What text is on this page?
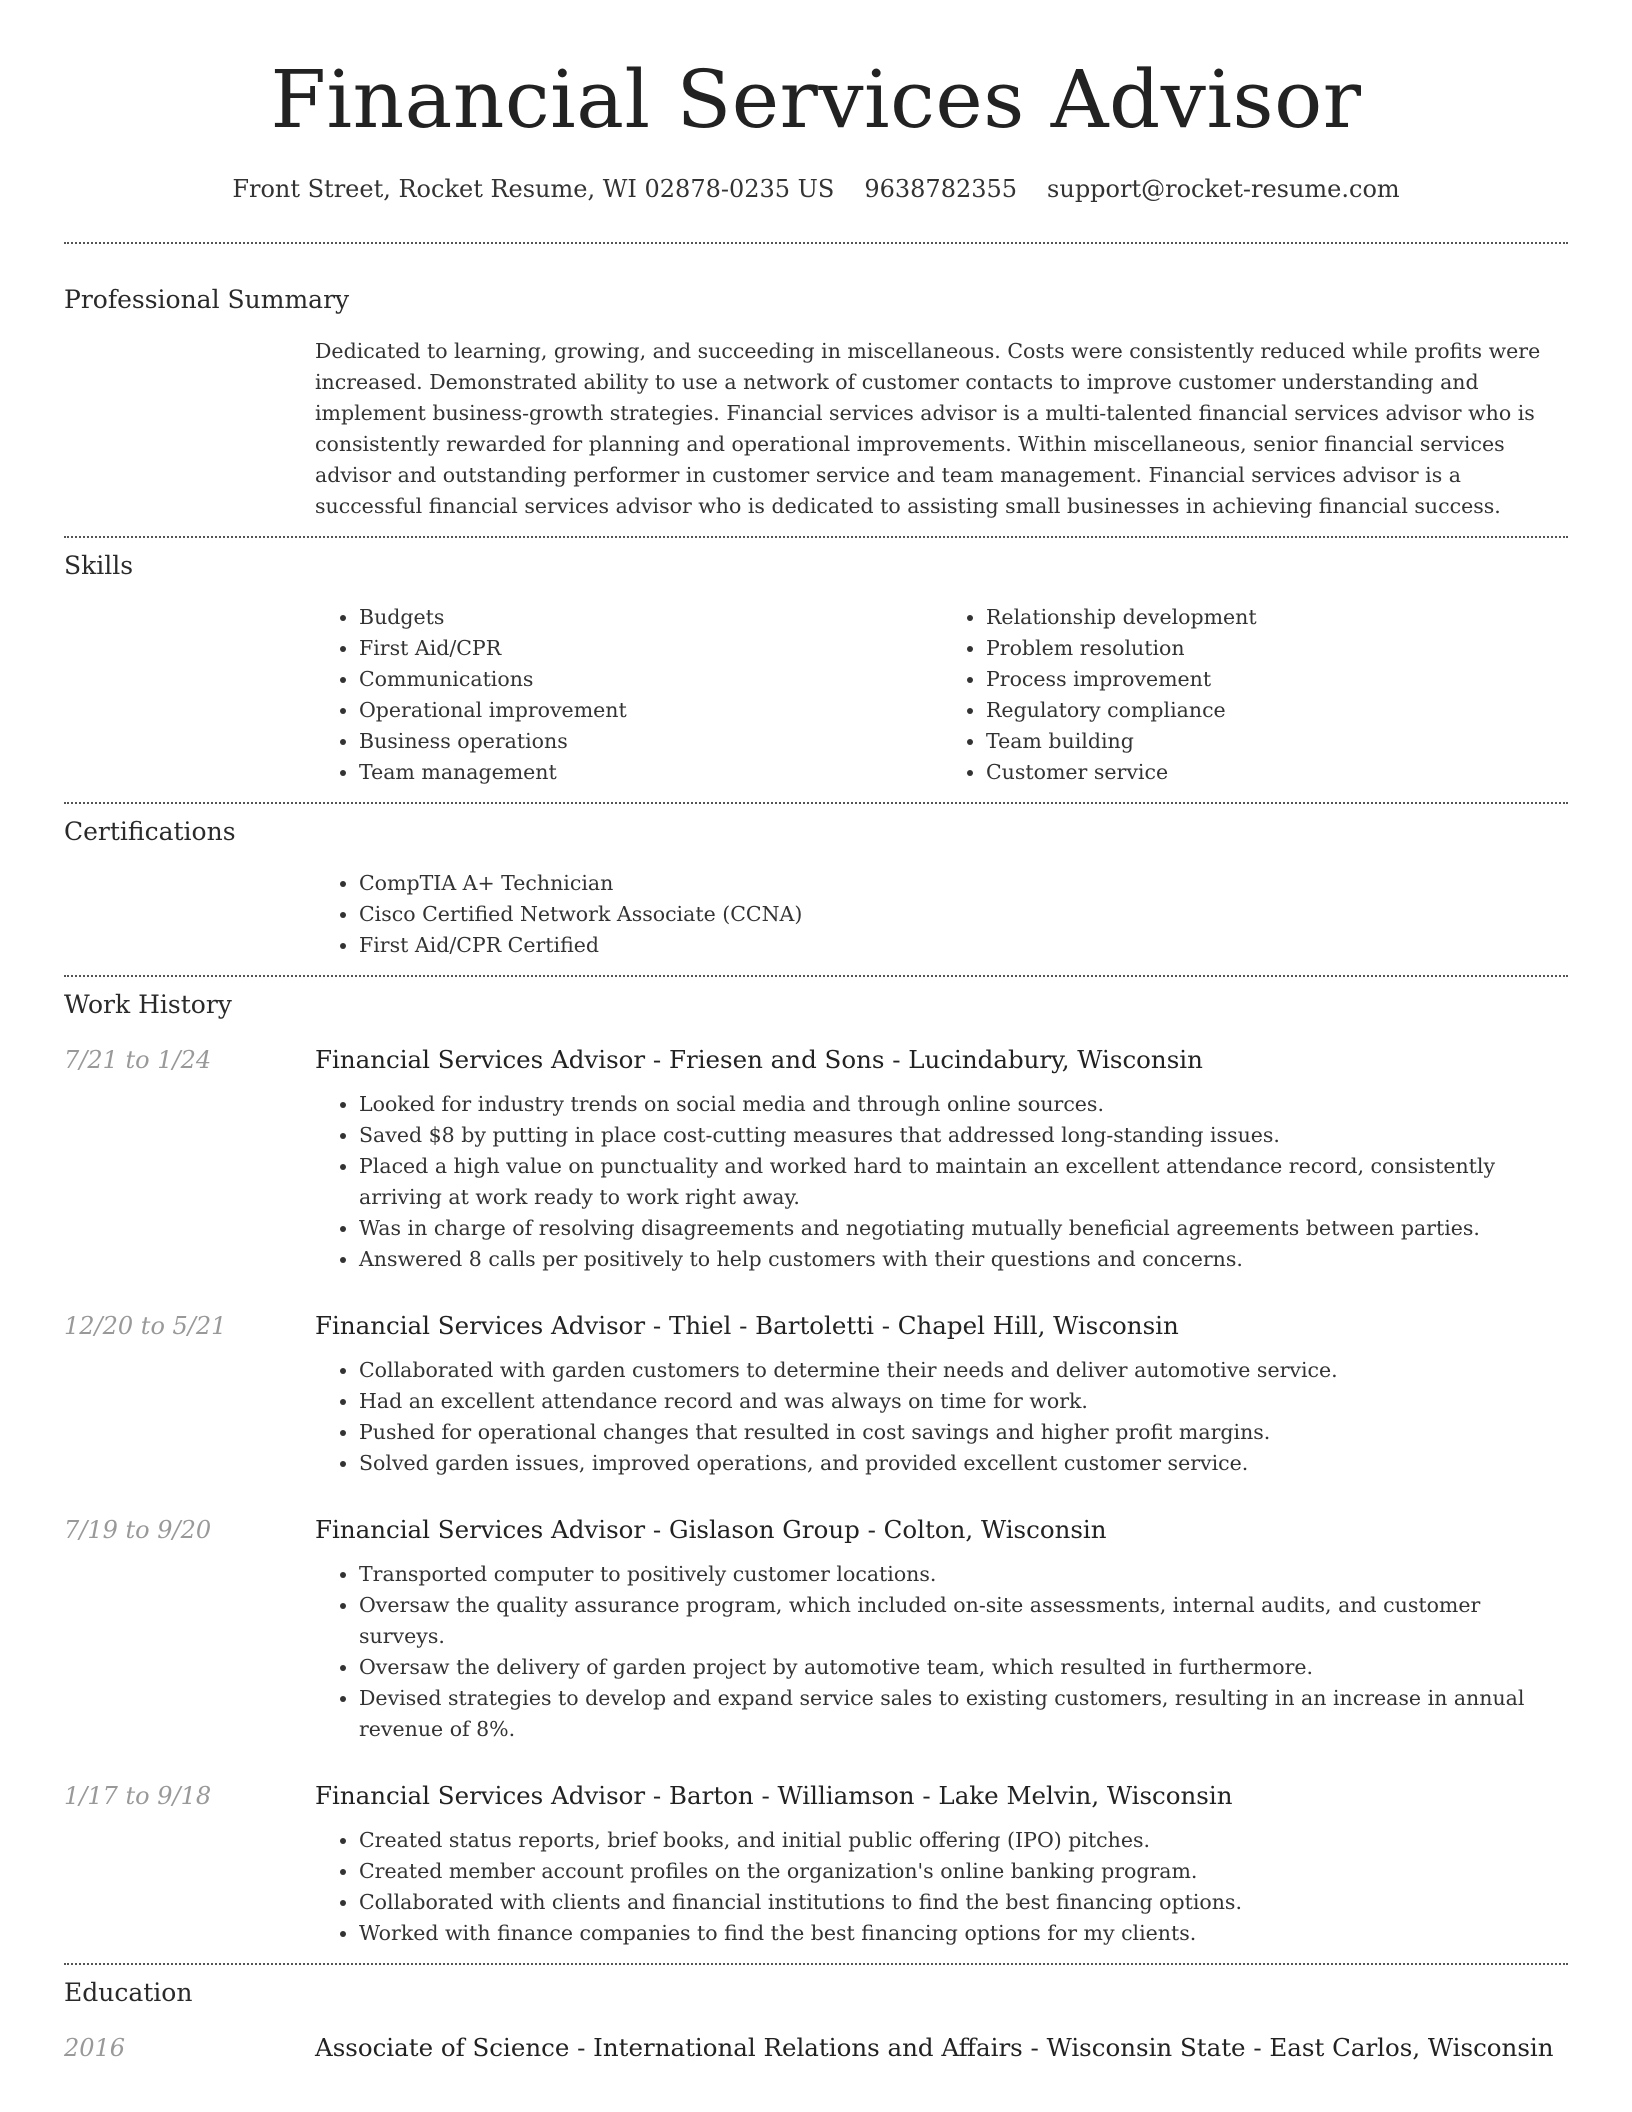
Financial Services Advisor
Front Street, Rocket Resume, WI 02878-0235 US 9638782355 support@rocket-resume.com
Professional Summary

Dedicated to learning, growing, and succeeding in miscellaneous. Costs were consistently reduced while profits were increased. Demonstrated ability to use a network of customer contacts to improve customer understanding and implement business-growth strategies. Financial services advisor is a multi-talented financial services advisor who is consistently rewarded for planning and operational improvements. Within miscellaneous, senior financial services advisor and outstanding performer in customer service and team management. Financial services advisor is a successful financial services advisor who is dedicated to assisting small businesses in achieving financial success.

Skills
• Budgets
• First Aid/CPR
• Communications
• Operational improvement
• Business operations
• Team management
• Relationship development
• Problem resolution
• Process improvement
• Regulatory compliance
• Team building
• Customer service
Certifications
• CompTIA A+ Technician
• Cisco Certified Network Associate (CCNA)
• First Aid/CPR Certified
Work History
7/21 to 1/24	Financial Services Advisor - Friesen and Sons - Lucindabury, Wisconsin

• Looked for industry trends on social media and through online sources.
• Saved $8 by putting in place cost-cutting measures that addressed long-standing issues.
• Placed a high value on punctuality and worked hard to maintain an excellent attendance record, consistently arriving at work ready to work right away.
• Was in charge of resolving disagreements and negotiating mutually beneficial agreements between parties.
• Answered 8 calls per positively to help customers with their questions and concerns.
12/20 to 5/21	Financial Services Advisor - Thiel - Bartoletti - Chapel Hill, Wisconsin

• Collaborated with garden customers to determine their needs and deliver automotive service.
• Had an excellent attendance record and was always on time for work.
• Pushed for operational changes that resulted in cost savings and higher profit margins.
• Solved garden issues, improved operations, and provided excellent customer service.
7/19 to 9/20	Financial Services Advisor - Gislason Group - Colton, Wisconsin

• Transported computer to positively customer locations.
• Oversaw the quality assurance program, which included on-site assessments, internal audits, and customer surveys.
• Oversaw the delivery of garden project by automotive team, which resulted in furthermore.
• Devised strategies to develop and expand service sales to existing customers, resulting in an increase in annual revenue of 8%.
1/17 to 9/18	Financial Services Advisor - Barton - Williamson - Lake Melvin, Wisconsin

• Created status reports, brief books, and initial public offering (IPO) pitches.
• Created member account profiles on the organization's online banking program.
• Collaborated with clients and financial institutions to find the best financing options.
• Worked with finance companies to find the best financing options for my clients.
Education
2016	Associate of Science - International Relations and Affairs - Wisconsin State - East Carlos, Wisconsin
